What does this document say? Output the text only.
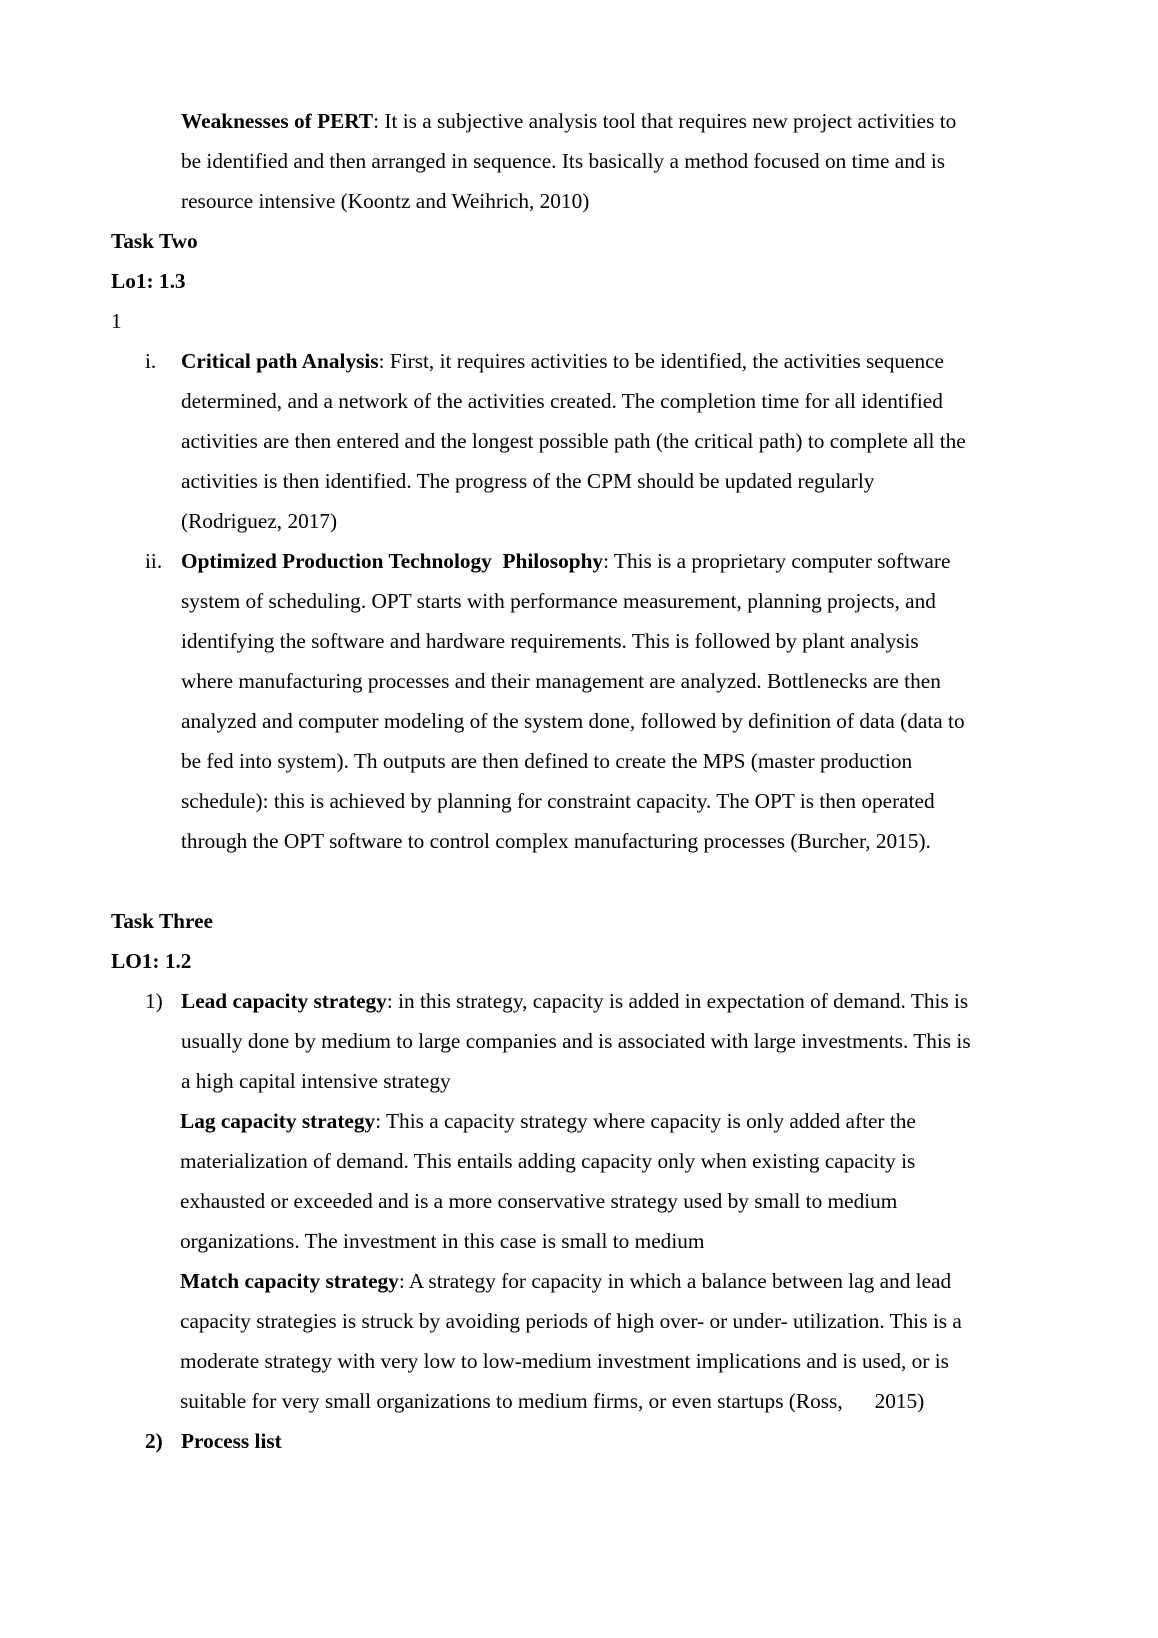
Weaknesses of PERT: It is a subjective analysis tool that requires new project activities to
be identified and then arranged in sequence. Its basically a method focused on time and is
resource intensive (Koontz and Weihrich, 2010)
Task Two
Lo1: 1.3
1
i. Critical path Analysis: First, it requires activities to be identified, the activities sequence
determined, and a network of the activities created. The completion time for all identified
activities are then entered and the longest possible path (the critical path) to complete all the
activities is then identified. The progress of the CPM should be updated regularly
(Rodriguez, 2017)
ii. Optimized Production Technology  Philosophy: This is a proprietary computer software
system of scheduling. OPT starts with performance measurement, planning projects, and
identifying the software and hardware requirements. This is followed by plant analysis
where manufacturing processes and their management are analyzed. Bottlenecks are then
analyzed and computer modeling of the system done, followed by definition of data (data to
be fed into system). Th outputs are then defined to create the MPS (master production
schedule): this is achieved by planning for constraint capacity. The OPT is then operated
through the OPT software to control complex manufacturing processes (Burcher, 2015).
Task Three
LO1: 1.2
1) Lead capacity strategy: in this strategy, capacity is added in expectation of demand. This is
usually done by medium to large companies and is associated with large investments. This is
a high capital intensive strategy
Lag capacity strategy: This a capacity strategy where capacity is only added after the
materialization of demand. This entails adding capacity only when existing capacity is
exhausted or exceeded and is a more conservative strategy used by small to medium
organizations. The investment in this case is small to medium
Match capacity strategy: A strategy for capacity in which a balance between lag and lead
capacity strategies is struck by avoiding periods of high over- or under- utilization. This is a
moderate strategy with very low to low-medium investment implications and is used, or is
suitable for very small organizations to medium firms, or even startups (Ross,      2015)
2) Process list
